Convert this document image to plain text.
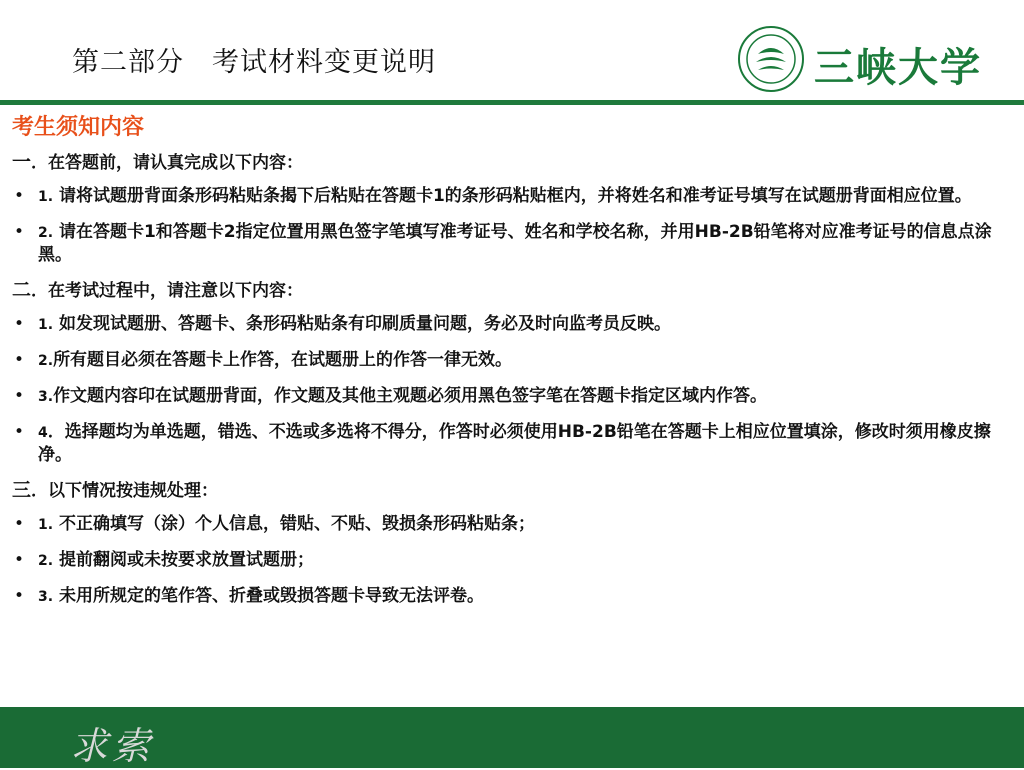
第二部分　考试材料变更说明	三峡大学
考生须知内容
一．在答题前，请认真完成以下内容：
• 1. 请将试题册背面条形码粘贴条揭下后粘贴在答题卡1的条形码粘贴框内，并将姓名和准考证号填写在试题册背面相应位置。
• 2. 请在答题卡1和答题卡2指定位置用黑色签字笔填写准考证号、姓名和学校名称，并用HB-2B铅笔将对应准考证号的信息点涂黑。
二．在考试过程中，请注意以下内容：
• 1. 如发现试题册、答题卡、条形码粘贴条有印刷质量问题，务必及时向监考员反映。
• 2.所有题目必须在答题卡上作答，在试题册上的作答一律无效。
• 3.作文题内容印在试题册背面，作文题及其他主观题必须用黑色签字笔在答题卡指定区域内作答。
• 4．选择题均为单选题，错选、不选或多选将不得分，作答时必须使用HB-2B铅笔在答题卡上相应位置填涂，修改时须用橡皮擦净。
三．以下情况按违规处理：
• 1. 不正确填写（涂）个人信息，错贴、不贴、毁损条形码粘贴条；
• 2. 提前翻阅或未按要求放置试题册；
• 3. 未用所规定的笔作答、折叠或毁损答题卡导致无法评卷。
求索
